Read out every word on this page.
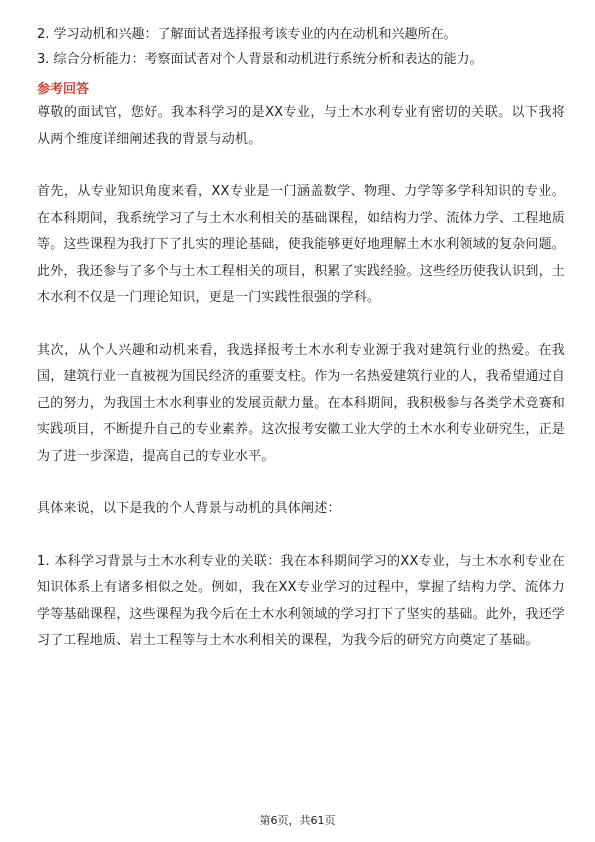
2. 学习动机和兴趣：了解面试者选择报考该专业的内在动机和兴趣所在。

3. 综合分析能力：考察面试者对个人背景和动机进行系统分析和表达的能力。

参考回答

尊敬的面试官，您好。我本科学习的是XX专业，与土木水利专业有密切的关联。以下我将从两个维度详细阐述我的背景与动机。

首先，从专业知识角度来看，XX专业是一门涵盖数学、物理、力学等多学科知识的专业。在本科期间，我系统学习了与土木水利相关的基础课程，如结构力学、流体力学、工程地质等。这些课程为我打下了扎实的理论基础，使我能够更好地理解土木水利领域的复杂问题。此外，我还参与了多个与土木工程相关的项目，积累了实践经验。这些经历使我认识到，土木水利不仅是一门理论知识，更是一门实践性很强的学科。

其次，从个人兴趣和动机来看，我选择报考土木水利专业源于我对建筑行业的热爱。在我国，建筑行业一直被视为国民经济的重要支柱。作为一名热爱建筑行业的人，我希望通过自己的努力，为我国土木水利事业的发展贡献力量。在本科期间，我积极参与各类学术竞赛和实践项目，不断提升自己的专业素养。这次报考安徽工业大学的土木水利专业研究生，正是为了进一步深造，提高自己的专业水平。

具体来说，以下是我的个人背景与动机的具体阐述：

1. 本科学习背景与土木水利专业的关联：我在本科期间学习的XX专业，与土木水利专业在知识体系上有诸多相似之处。例如，我在XX专业学习的过程中，掌握了结构力学、流体力学等基础课程，这些课程为我今后在土木水利领域的学习打下了坚实的基础。此外，我还学习了工程地质、岩土工程等与土木水利相关的课程，为我今后的研究方向奠定了基础。

第6页，共61页
